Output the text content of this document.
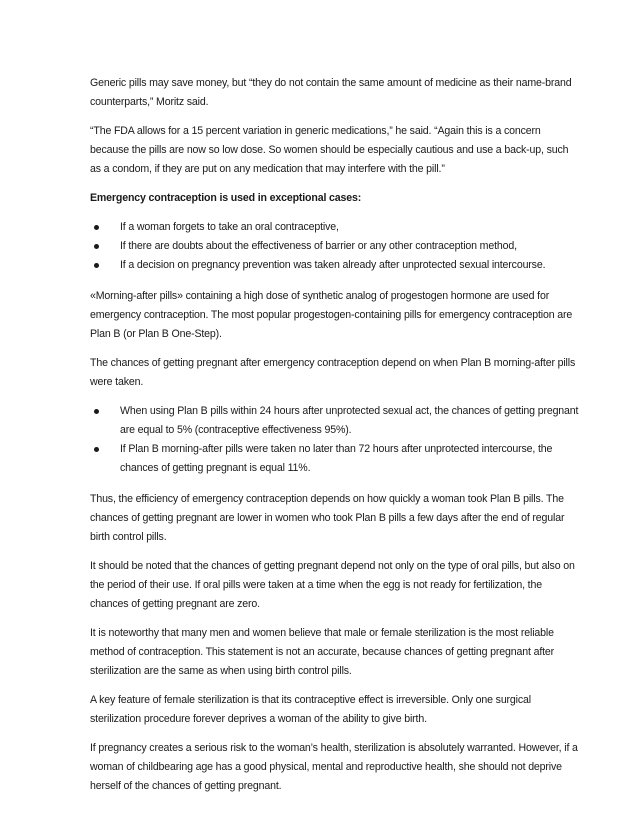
Generic pills may save money, but “they do not contain the same amount of medicine as their name-brand counterparts,” Moritz said.

“The FDA allows for a 15 percent variation in generic medications,” he said. “Again this is a concern because the pills are now so low dose. So women should be especially cautious and use a back-up, such as a condom, if they are put on any medication that may interfere with the pill.”

Emergency contraception is used in exceptional cases:

If a woman forgets to take an oral contraceptive,
If there are doubts about the effectiveness of barrier or any other contraception method,
If a decision on pregnancy prevention was taken already after unprotected sexual intercourse.

«Morning-after pills» containing a high dose of synthetic analog of progestogen hormone are used for emergency contraception. The most popular progestogen-containing pills for emergency contraception are Plan B (or Plan B One-Step).

The chances of getting pregnant after emergency contraception depend on when Plan B morning-after pills were taken.

When using Plan B pills within 24 hours after unprotected sexual act, the chances of getting pregnant are equal to 5% (contraceptive effectiveness 95%).
If Plan B morning-after pills were taken no later than 72 hours after unprotected intercourse, the chances of getting pregnant is equal 11%.

Thus, the efficiency of emergency contraception depends on how quickly a woman took Plan B pills. The chances of getting pregnant are lower in women who took Plan B pills a few days after the end of regular birth control pills.

It should be noted that the chances of getting pregnant depend not only on the type of oral pills, but also on the period of their use. If oral pills were taken at a time when the egg is not ready for fertilization, the chances of getting pregnant are zero.

It is noteworthy that many men and women believe that male or female sterilization is the most reliable method of contraception. This statement is not an accurate, because chances of getting pregnant after sterilization are the same as when using birth control pills.

A key feature of female sterilization is that its contraceptive effect is irreversible. Only one surgical sterilization procedure forever deprives a woman of the ability to give birth.

If pregnancy creates a serious risk to the woman’s health, sterilization is absolutely warranted. However, if a woman of childbearing age has a good physical, mental and reproductive health, she should not deprive herself of the chances of getting pregnant.
